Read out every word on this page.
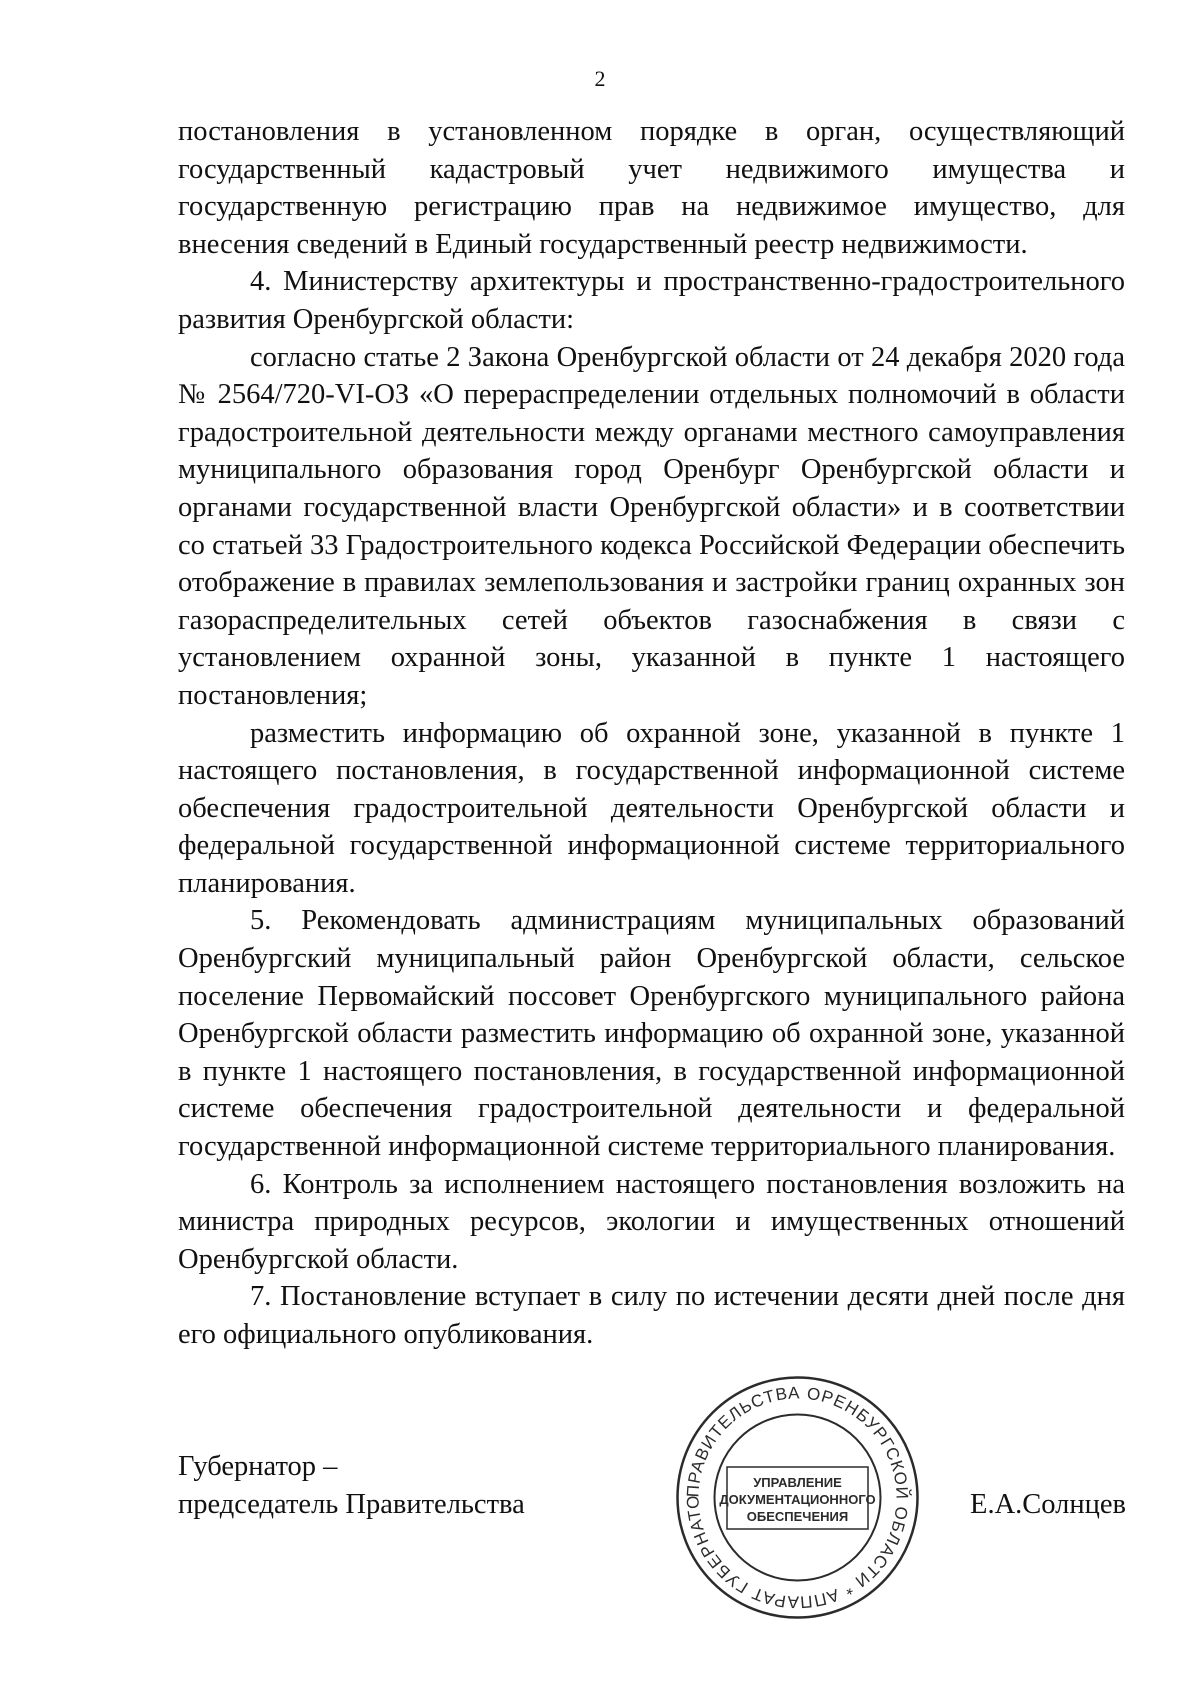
2

постановления в установленном порядке в орган, осуществляющий государственный кадастровый учет недвижимого имущества и государственную регистрацию прав на недвижимое имущество, для внесения сведений в Единый государственный реестр недвижимости.

4. Министерству архитектуры и пространственно-градостроительного развития Оренбургской области:

согласно статье 2 Закона Оренбургской области от 24 декабря 2020 года № 2564/720-VI-ОЗ «О перераспределении отдельных полномочий в области градостроительной деятельности между органами местного самоуправления муниципального образования город Оренбург Оренбургской области и органами государственной власти Оренбургской области» и в соответствии со статьей 33 Градостроительного кодекса Российской Федерации обеспечить отображение в правилах землепользования и застройки границ охранных зон газораспределительных сетей объектов газоснабжения в связи с установлением охранной зоны, указанной в пункте 1 настоящего постановления;

разместить информацию об охранной зоне, указанной в пункте 1 настоящего постановления, в государственной информационной системе обеспечения градостроительной деятельности Оренбургской области и федеральной государственной информационной системе территориального планирования.

5. Рекомендовать администрациям муниципальных образований Оренбургский муниципальный район Оренбургской области, сельское поселение Первомайский поссовет Оренбургского муниципального района Оренбургской области разместить информацию об охранной зоне, указанной в пункте 1 настоящего постановления, в государственной информационной системе обеспечения градостроительной деятельности и федеральной государственной информационной системе территориального планирования.

6. Контроль за исполнением настоящего постановления возложить на министра природных ресурсов, экологии и имущественных отношений Оренбургской области.

7. Постановление вступает в силу по истечении десяти дней после дня его официального опубликования.

Губернатор –
председатель Правительства	Е.А.Солнцев
ПРАВИТЕЛЬСТВА ОРЕНБУРГСКОЙ ОБЛАСТИ * АППАРАТ ГУБЕРНАТО
УПРАВЛЕНИЕ
ДОКУМЕНТАЦИОННОГО
ОБЕСПЕЧЕНИЯ
